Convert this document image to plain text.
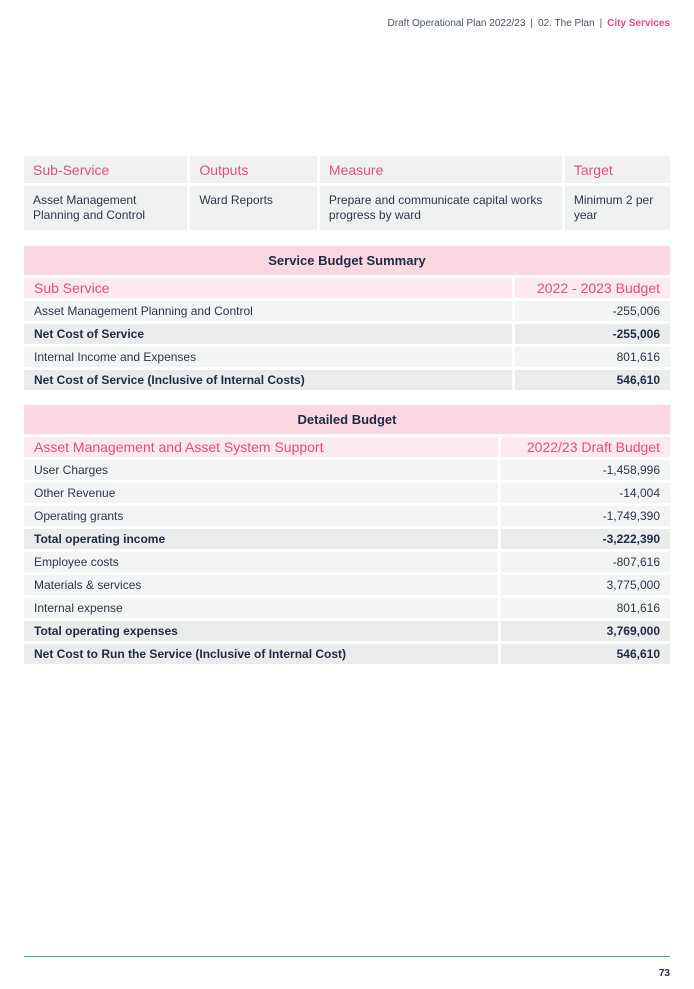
Draft Operational Plan 2022/23 | 02. The Plan | City Services
Sub-Service	Outputs	Measure	Target
Asset Management Planning and Control	Ward Reports	Prepare and communicate capital works progress by ward	Minimum 2 per year
Service Budget Summary	
Sub Service	2022 - 2023 Budget
Asset Management Planning and Control	-255,006
Net Cost of Service	-255,006
Internal Income and Expenses	801,616
Net Cost of Service (Inclusive of Internal Costs)	546,610
Detailed Budget	
Asset Management and Asset System Support	2022/23 Draft Budget
User Charges	-1,458,996
Other Revenue	-14,004
Operating grants	-1,749,390
Total operating income	-3,222,390
Employee costs	-807,616
Materials & services	3,775,000
Internal expense	801,616
Total operating expenses	3,769,000
Net Cost to Run the Service (Inclusive of Internal Cost)	546,610
73
